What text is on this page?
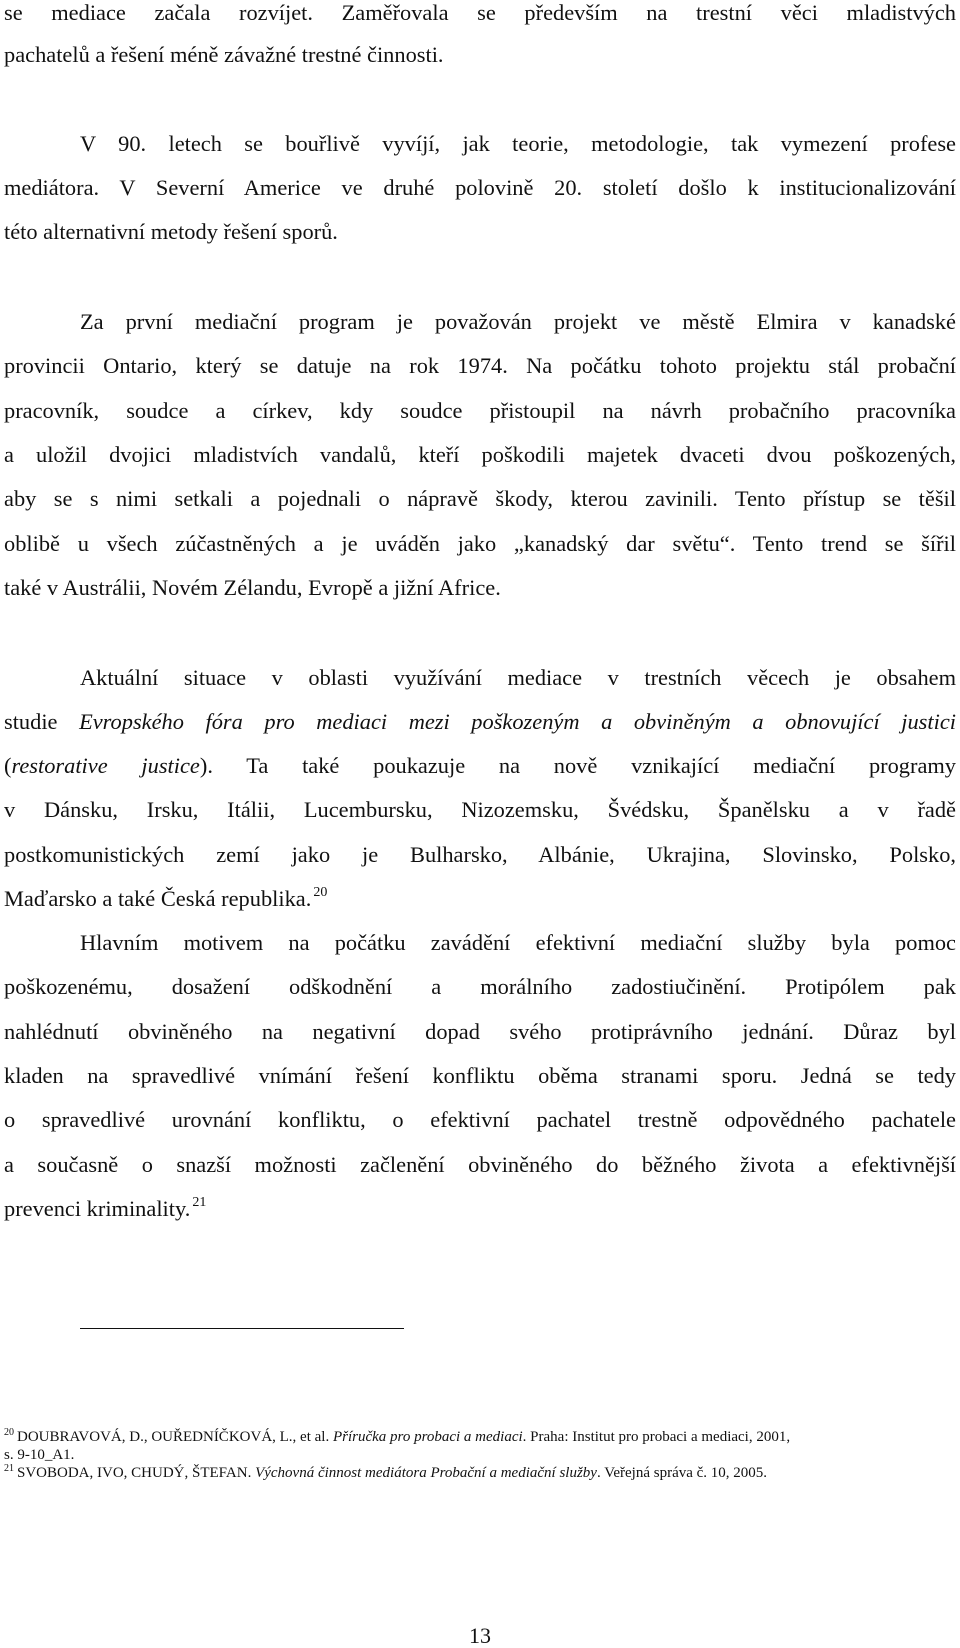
se mediace začala rozvíjet. Zaměřovala se především na trestní věci mladistvých
pachatelů a řešení méně závažné trestné činnosti.
V 90. letech se bouřlivě vyvíjí, jak teorie, metodologie, tak vymezení profese
mediátora. V Severní Americe ve druhé polovině 20. století došlo k institucionalizování
této alternativní metody řešení sporů.
Za první mediační program je považován projekt ve městě Elmira v kanadské
provincii Ontario, který se datuje na rok 1974. Na počátku tohoto projektu stál probační
pracovník, soudce a církev, kdy soudce přistoupil na návrh probačního pracovníka
a uložil dvojici mladistvích vandalů, kteří poškodili majetek dvaceti dvou poškozených,
aby se s nimi setkali a pojednali o nápravě škody, kterou zavinili. Tento přístup se těšil
oblibě u všech zúčastněných a je uváděn jako „kanadský dar světu“. Tento trend se šířil
také v Austrálii, Novém Zélandu, Evropě a jižní Africe.
Aktuální situace v oblasti využívání mediace v trestních věcech je obsahem
studie Evropského fóra pro mediaci mezi poškozeným a obviněným a obnovující justici
(restorative justice). Ta také poukazuje na nově vznikající mediační programy
v Dánsku, Irsku, Itálii, Lucembursku, Nizozemsku, Švédsku, Španělsku a v řadě
postkomunistických zemí jako je Bulharsko, Albánie, Ukrajina, Slovinsko, Polsko,
Maďarsko a také Česká republika. $^{20}$
Hlavním motivem na počátku zavádění efektivní mediační služby byla pomoc
poškozenému, dosažení odškodnění a morálního zadostiučinění. Protipólem pak
nahlédnutí obviněného na negativní dopad svého protiprávního jednání. Důraz byl
kladen na spravedlivé vnímání řešení konfliktu oběma stranami sporu. Jedná se tedy
o spravedlivé urovnání konfliktu, o efektivní pachatel trestně odpovědného pachatele
a současně o snazší možnosti začlenění obviněného do běžného života a efektivnější
prevenci kriminality. $^{21}$
$^{20}$ DOUBRAVOVÁ, D., OUŘEDNÍČKOVÁ, L., et al. Příručka pro probaci a mediaci. Praha: Institut pro probaci a mediaci, 2001,
s. 9-10_A1.
$^{21}$ SVOBODA, IVO, CHUDÝ, ŠTEFAN. Výchovná činnost mediátora Probační a mediační služby. Veřejná správa č. 10, 2005.
13
